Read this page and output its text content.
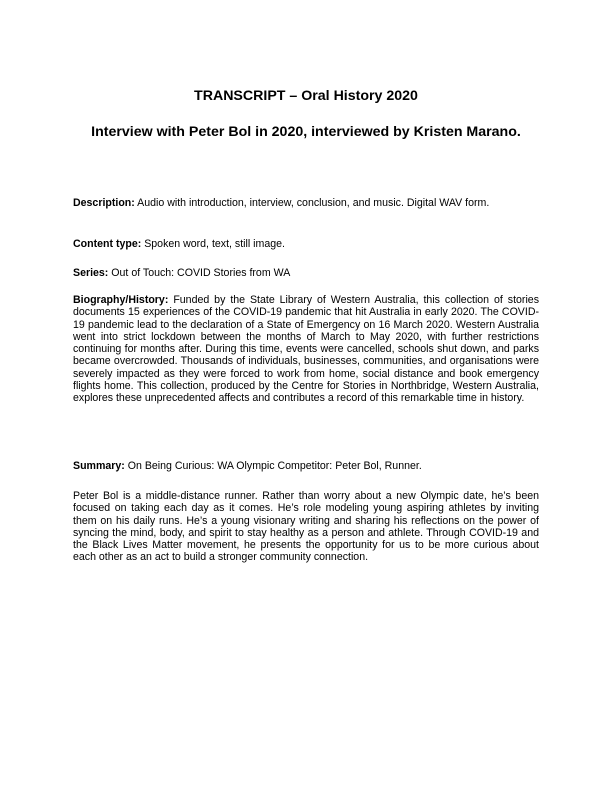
TRANSCRIPT – Oral History 2020
Interview with Peter Bol in 2020, interviewed by Kristen Marano.

Description: Audio with introduction, interview, conclusion, and music. Digital WAV form.

Content type: Spoken word, text, still image.

Series: Out of Touch: COVID Stories from WA

Biography/History: Funded by the State Library of Western Australia, this collection of stories documents 15 experiences of the COVID-19 pandemic that hit Australia in early 2020. The COVID-19 pandemic lead to the declaration of a State of Emergency on 16 March 2020. Western Australia went into strict lockdown between the months of March to May 2020, with further restrictions continuing for months after. During this time, events were cancelled, schools shut down, and parks became overcrowded. Thousands of individuals, businesses, communities, and organisations were severely impacted as they were forced to work from home, social distance and book emergency flights home. This collection, produced by the Centre for Stories in Northbridge, Western Australia, explores these unprecedented affects and contributes a record of this remarkable time in history.

Summary: On Being Curious: WA Olympic Competitor: Peter Bol, Runner.

Peter Bol is a middle-distance runner. Rather than worry about a new Olympic date, he’s been focused on taking each day as it comes. He’s role modeling young aspiring athletes by inviting them on his daily runs. He’s a young visionary writing and sharing his reflections on the power of syncing the mind, body, and spirit to stay healthy as a person and athlete. Through COVID-19 and the Black Lives Matter movement, he presents the opportunity for us to be more curious about each other as an act to build a stronger community connection.
